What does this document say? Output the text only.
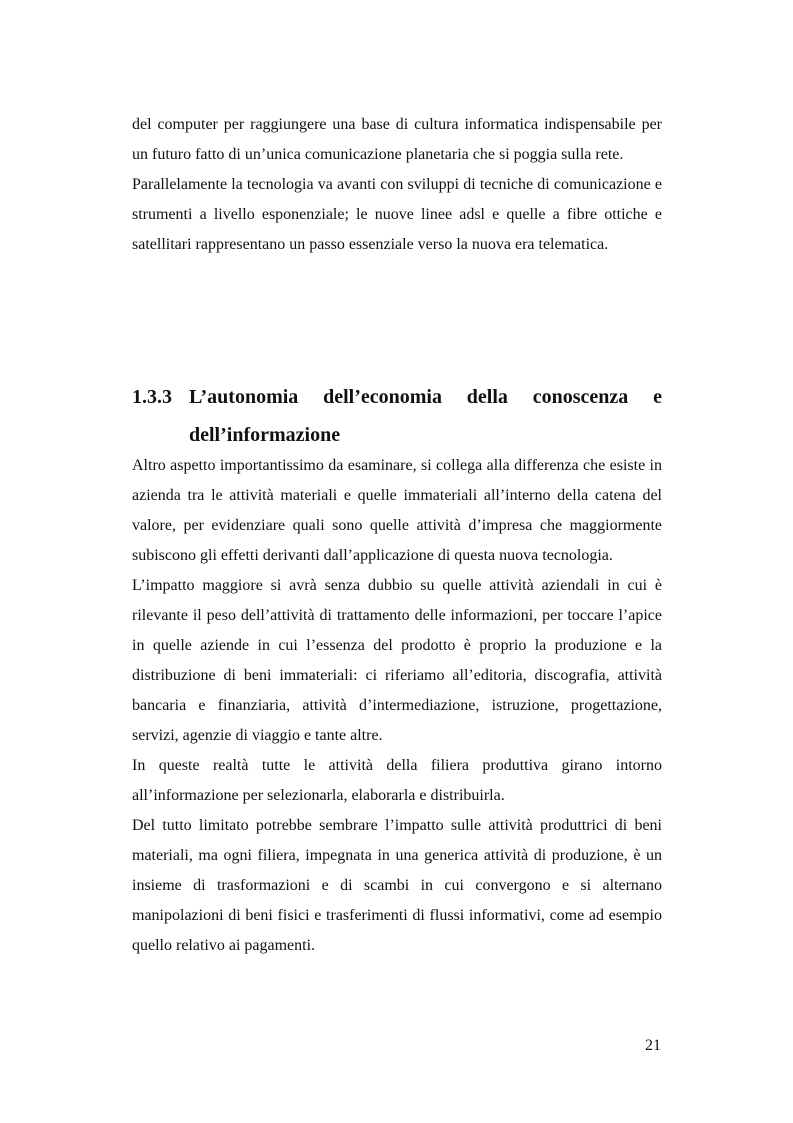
del computer per raggiungere una base di cultura informatica indispensabile per un futuro fatto di un’unica comunicazione planetaria che si poggia sulla rete.

Parallelamente la tecnologia va avanti con sviluppi di tecniche di comunicazione e strumenti a livello esponenziale; le nuove linee adsl e quelle a fibre ottiche e satellitari rappresentano un passo essenziale verso la nuova era telematica.

1.3.3 L’autonomia dell’economia della conoscenza e
dell’informazione

Altro aspetto importantissimo da esaminare, si collega alla differenza che esiste in azienda tra le attività materiali e quelle immateriali all’interno della catena del valore, per evidenziare quali sono quelle attività d’impresa che maggiormente subiscono gli effetti derivanti dall’applicazione di questa nuova tecnologia.

L’impatto maggiore si avrà senza dubbio su quelle attività aziendali in cui è rilevante il peso dell’attività di trattamento delle informazioni, per toccare l’apice in quelle aziende in cui l’essenza del prodotto è proprio la produzione e la distribuzione di beni immateriali: ci riferiamo all’editoria, discografia, attività bancaria e finanziaria, attività d’intermediazione, istruzione, progettazione, servizi, agenzie di viaggio e tante altre.

In queste realtà tutte le attività della filiera produttiva girano intorno all’informazione per selezionarla, elaborarla e distribuirla.

Del tutto limitato potrebbe sembrare l’impatto sulle attività produttrici di beni materiali, ma ogni filiera, impegnata in una generica attività di produzione, è un insieme di trasformazioni e di scambi in cui convergono e si alternano manipolazioni di beni fisici e trasferimenti di flussi informativi, come ad esempio quello relativo ai pagamenti.

21
